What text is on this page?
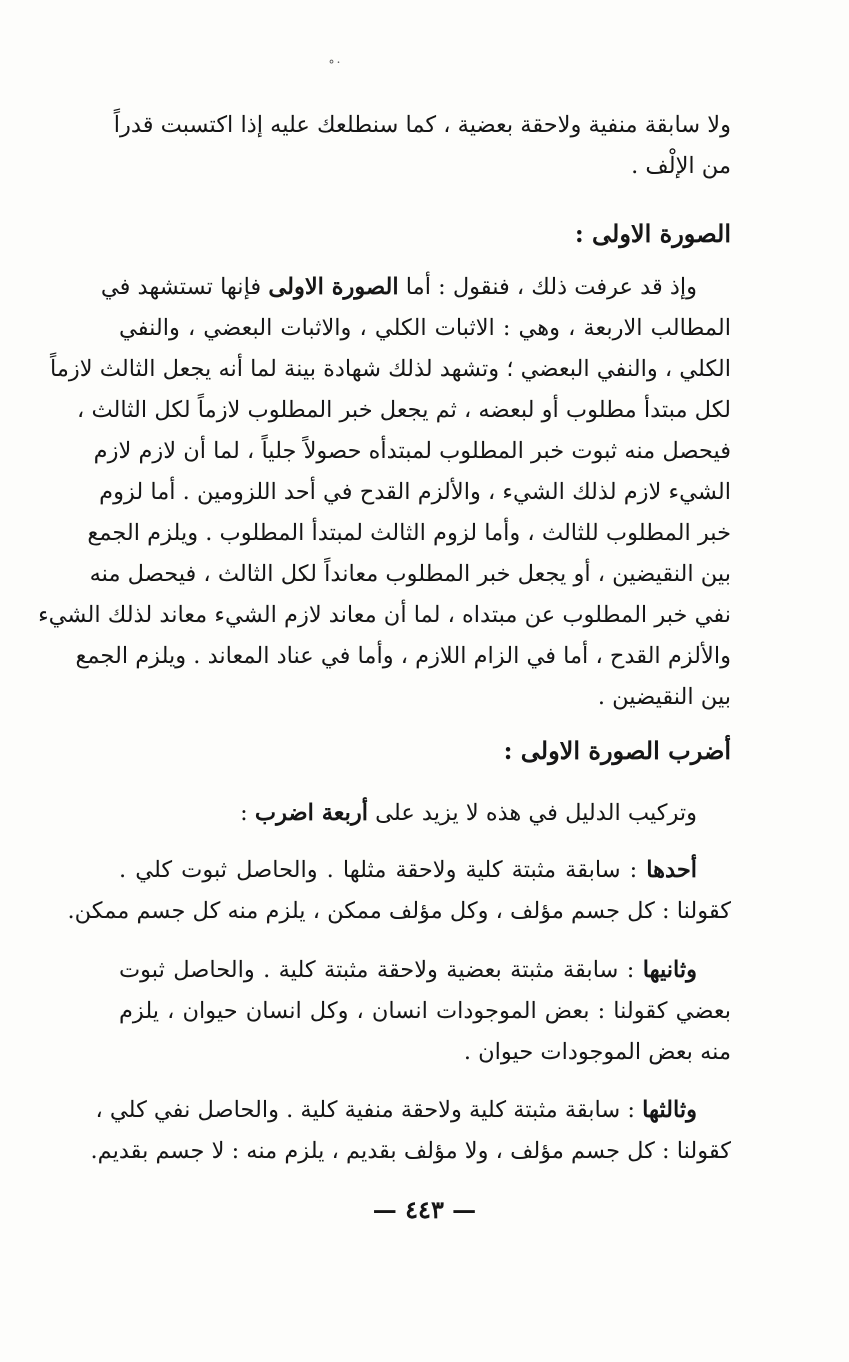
˙˚
ولا سابقة منفية ولاحقة بعضية ، كما سنطلعك عليه إذا اكتسبت قدراً
من الإلْف .
الصورة الاولى :
وإذ قد عرفت ذلك ، فنقول : أما الصورة الاولى فإنها تستشهد في
المطالب الاربعة ، وهي : الاثبات الكلي ، والاثبات البعضي ، والنفي
الكلي ، والنفي البعضي ؛ وتشهد لذلك شهادة بينة لما أنه يجعل الثالث لازماً
لكل مبتدأ مطلوب أو لبعضه ، ثم يجعل خبر المطلوب لازماً لكل الثالث ،
فيحصل منه ثبوت خبر المطلوب لمبتدأه حصولاً جلياً ، لما أن لازم لازم
الشيء لازم لذلك الشيء ، والألزم القدح في أحد اللزومين . أما لزوم
خبر المطلوب للثالث ، وأما لزوم الثالث لمبتدأ المطلوب . ويلزم الجمع
بين النقيضين ، أو يجعل خبر المطلوب معانداً لكل الثالث ، فيحصل منه
نفي خبر المطلوب عن مبتداه ، لما أن معاند لازم الشيء معاند لذلك الشيء
والألزم القدح ، أما في الزام اللازم ، وأما في عناد المعاند . ويلزم الجمع
بين النقيضين .
أضرب الصورة الاولى :
وتركيب الدليل في هذه لا يزيد على أربعة اضرب :
أحدها : سابقة مثبتة كلية ولاحقة مثلها . والحاصل ثبوت كلي .
كقولنا : كل جسم مؤلف ، وكل مؤلف ممكن ، يلزم منه كل جسم ممكن.
وثانيها : سابقة مثبتة بعضية ولاحقة مثبتة كلية . والحاصل ثبوت
بعضي كقولنا : بعض الموجودات انسان ، وكل انسان حيوان ، يلزم
منه بعض الموجودات حيوان .
وثالثها : سابقة مثبتة كلية ولاحقة منفية كلية . والحاصل نفي كلي ،
كقولنا : كل جسم مؤلف ، ولا مؤلف بقديم ، يلزم منه : لا جسم بقديم.
— ٤٤٣ —
